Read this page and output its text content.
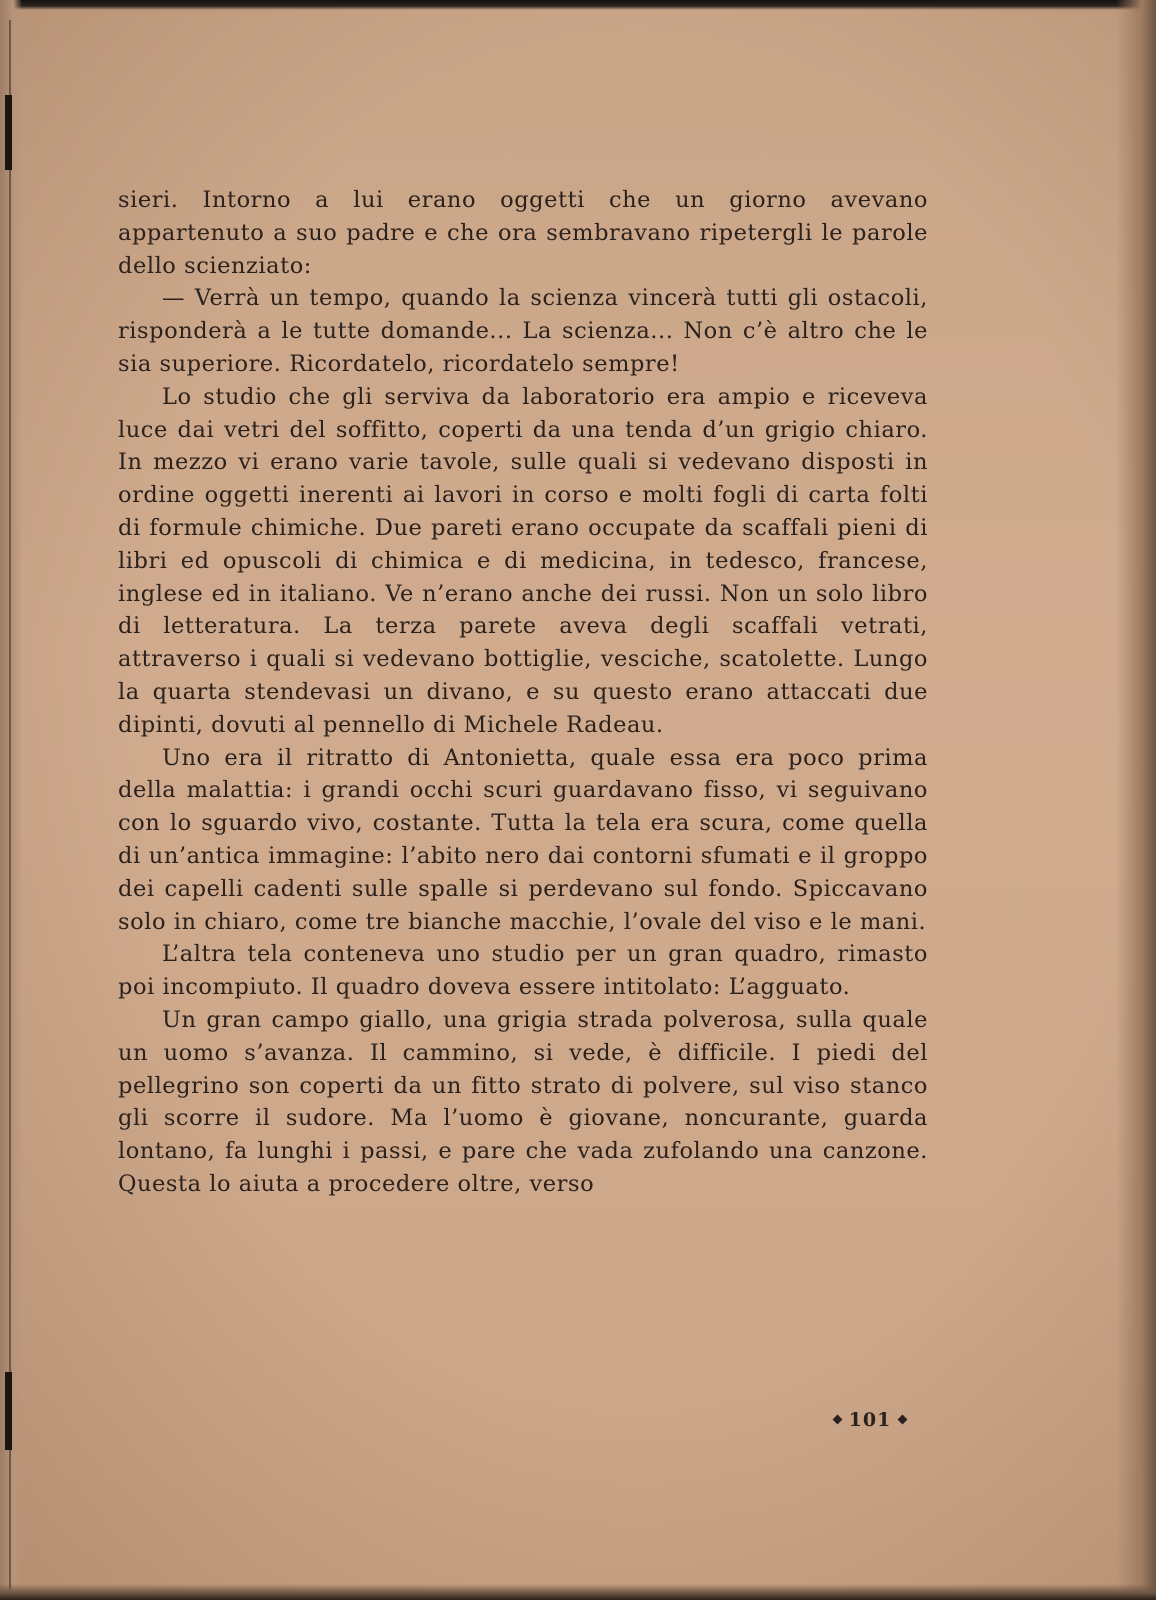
sieri. Intorno a lui erano oggetti che un giorno avevano appartenuto a suo padre e che ora sembravano ripetergli le parole dello scienziato:

— Verrà un tempo, quando la scienza vincerà tutti gli ostacoli, risponderà a le tutte domande... La scienza... Non c’è altro che le sia superiore. Ricordatelo, ricordatelo sempre!

Lo studio che gli serviva da laboratorio era ampio e riceveva luce dai vetri del soffitto, coperti da una tenda d’un grigio chiaro. In mezzo vi erano varie tavole, sulle quali si vedevano disposti in ordine oggetti inerenti ai lavori in corso e molti fogli di carta folti di formule chimiche. Due pareti erano occupate da scaffali pieni di libri ed opuscoli di chimica e di medicina, in tedesco, francese, inglese ed in italiano. Ve n’erano anche dei russi. Non un solo libro di letteratura. La terza parete aveva degli scaffali vetrati, attraverso i quali si vedevano bottiglie, vesciche, scatolette. Lungo la quarta stendevasi un divano, e su questo erano attaccati due dipinti, dovuti al pennello di Michele Radeau.

Uno era il ritratto di Antonietta, quale essa era poco prima della malattia: i grandi occhi scuri guardavano fisso, vi seguivano con lo sguardo vivo, costante. Tutta la tela era scura, come quella di un’antica immagine: l’abito nero dai contorni sfumati e il groppo dei capelli cadenti sulle spalle si perdevano sul fondo. Spiccavano solo in chiaro, come tre bianche macchie, l’ovale del viso e le mani.

L’altra tela conteneva uno studio per un gran quadro, rimasto poi incompiuto. Il quadro doveva essere intitolato: L’agguato.

Un gran campo giallo, una grigia strada polverosa, sulla quale un uomo s’avanza. Il cammino, si vede, è difficile. I piedi del pellegrino son coperti da un fitto strato di polvere, sul viso stanco gli scorre il sudore. Ma l’uomo è giovane, noncurante, guarda lontano, fa lunghi i passi, e pare che vada zufolando una canzone. Questa lo aiuta a procedere oltre, verso

101
